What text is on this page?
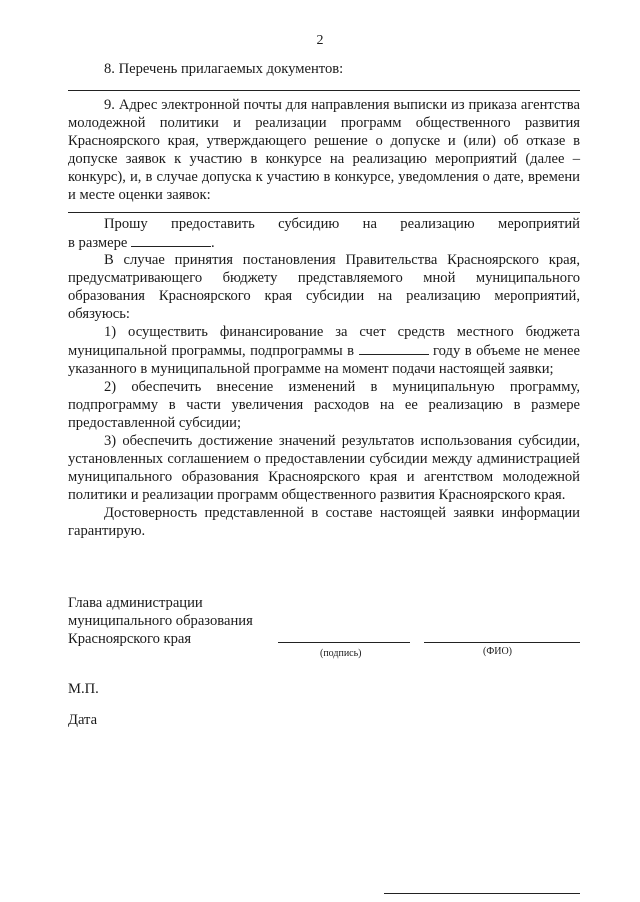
2

8. Перечень прилагаемых документов:

9. Адрес электронной почты для направления выписки из приказа агентства молодежной политики и реализации программ общественного развития Красноярского края, утверждающего решение о допуске и (или) об отказе в допуске заявок к участию в конкурсе на реализацию мероприятий (далее – конкурс), и, в случае допуска к участию в конкурсе, уведомления о дате, времени и месте оценки заявок:

Прошу предоставить субсидию на реализацию мероприятий

в размере	.

В случае принятия постановления Правительства Красноярского края, предусматривающего бюджету представляемого мной муниципального образования Красноярского края субсидии на реализацию мероприятий, обязуюсь:

1) осуществить финансирование за счет средств местного бюджета муниципальной программы, подпрограммы в	году в объеме не менее указанного в муниципальной программе на момент подачи настоящей заявки;

2) обеспечить внесение изменений в муниципальную программу, подпрограмму в части увеличения расходов на ее реализацию в размере предоставленной субсидии;

3) обеспечить достижение значений результатов использования субсидии, установленных соглашением о предоставлении субсидии между администрацией муниципального образования Красноярского края и агентством молодежной политики и реализации программ общественного развития Красноярского края.

Достоверность представленной в составе настоящей заявки информации гарантирую.

Глава администрации

муниципального образования

Красноярского края

(подпись)	(ФИО)

М.П.

Дата
